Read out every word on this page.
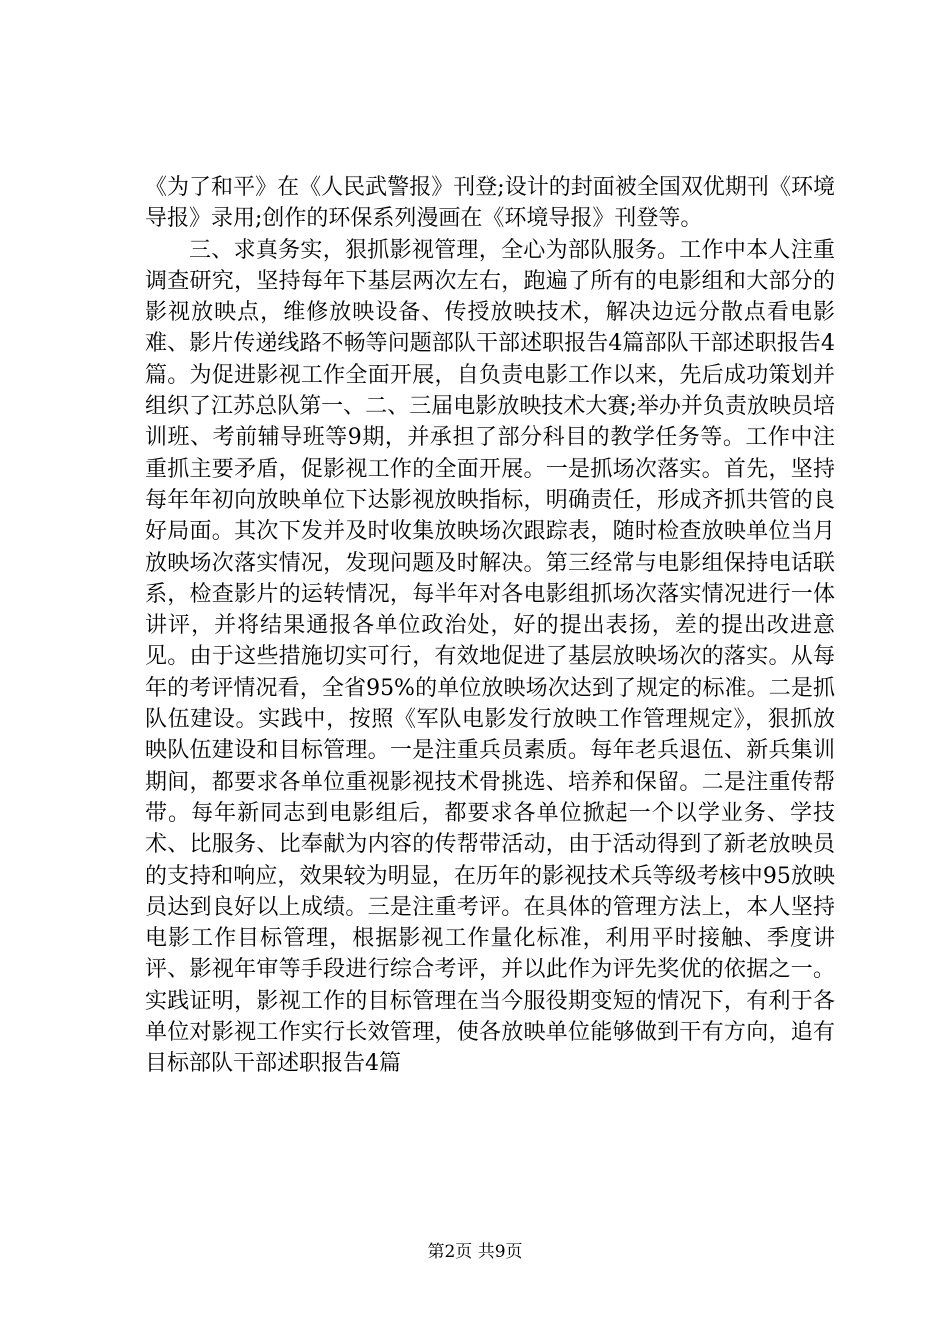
《为了和平》在《人民武警报》刊登;设计的封面被全国双优期刊《环境导报》录用;创作的环保系列漫画在《环境导报》刊登等。

三、求真务实，狠抓影视管理，全心为部队服务。工作中本人注重调查研究，坚持每年下基层两次左右，跑遍了所有的电影组和大部分的影视放映点，维修放映设备、传授放映技术，解决边远分散点看电影难、影片传递线路不畅等问题部队干部述职报告4篇部队干部述职报告4篇。为促进影视工作全面开展，自负责电影工作以来，先后成功策划并组织了江苏总队第一、二、三届电影放映技术大赛;举办并负责放映员培训班、考前辅导班等9期，并承担了部分科目的教学任务等。工作中注重抓主要矛盾，促影视工作的全面开展。一是抓场次落实。首先，坚持每年年初向放映单位下达影视放映指标，明确责任，形成齐抓共管的良好局面。其次下发并及时收集放映场次跟踪表，随时检查放映单位当月放映场次落实情况，发现问题及时解决。第三经常与电影组保持电话联系，检查影片的运转情况，每半年对各电影组抓场次落实情况进行一体讲评，并将结果通报各单位政治处，好的提出表扬，差的提出改进意见。由于这些措施切实可行，有效地促进了基层放映场次的落实。从每年的考评情况看，全省95%的单位放映场次达到了规定的标准。二是抓队伍建设。实践中，按照《军队电影发行放映工作管理规定》，狠抓放映队伍建设和目标管理。一是注重兵员素质。每年老兵退伍、新兵集训期间，都要求各单位重视影视技术骨挑选、培养和保留。二是注重传帮带。每年新同志到电影组后，都要求各单位掀起一个以学业务、学技术、比服务、比奉献为内容的传帮带活动，由于活动得到了新老放映员的支持和响应，效果较为明显，在历年的影视技术兵等级考核中95放映员达到良好以上成绩。三是注重考评。在具体的管理方法上，本人坚持电影工作目标管理，根据影视工作量化标准，利用平时接触、季度讲评、影视年审等手段进行综合考评，并以此作为评先奖优的依据之一。实践证明，影视工作的目标管理在当今服役期变短的情况下，有利于各单位对影视工作实行长效管理，使各放映单位能够做到干有方向，追有目标部队干部述职报告4篇

第2页 共9页
